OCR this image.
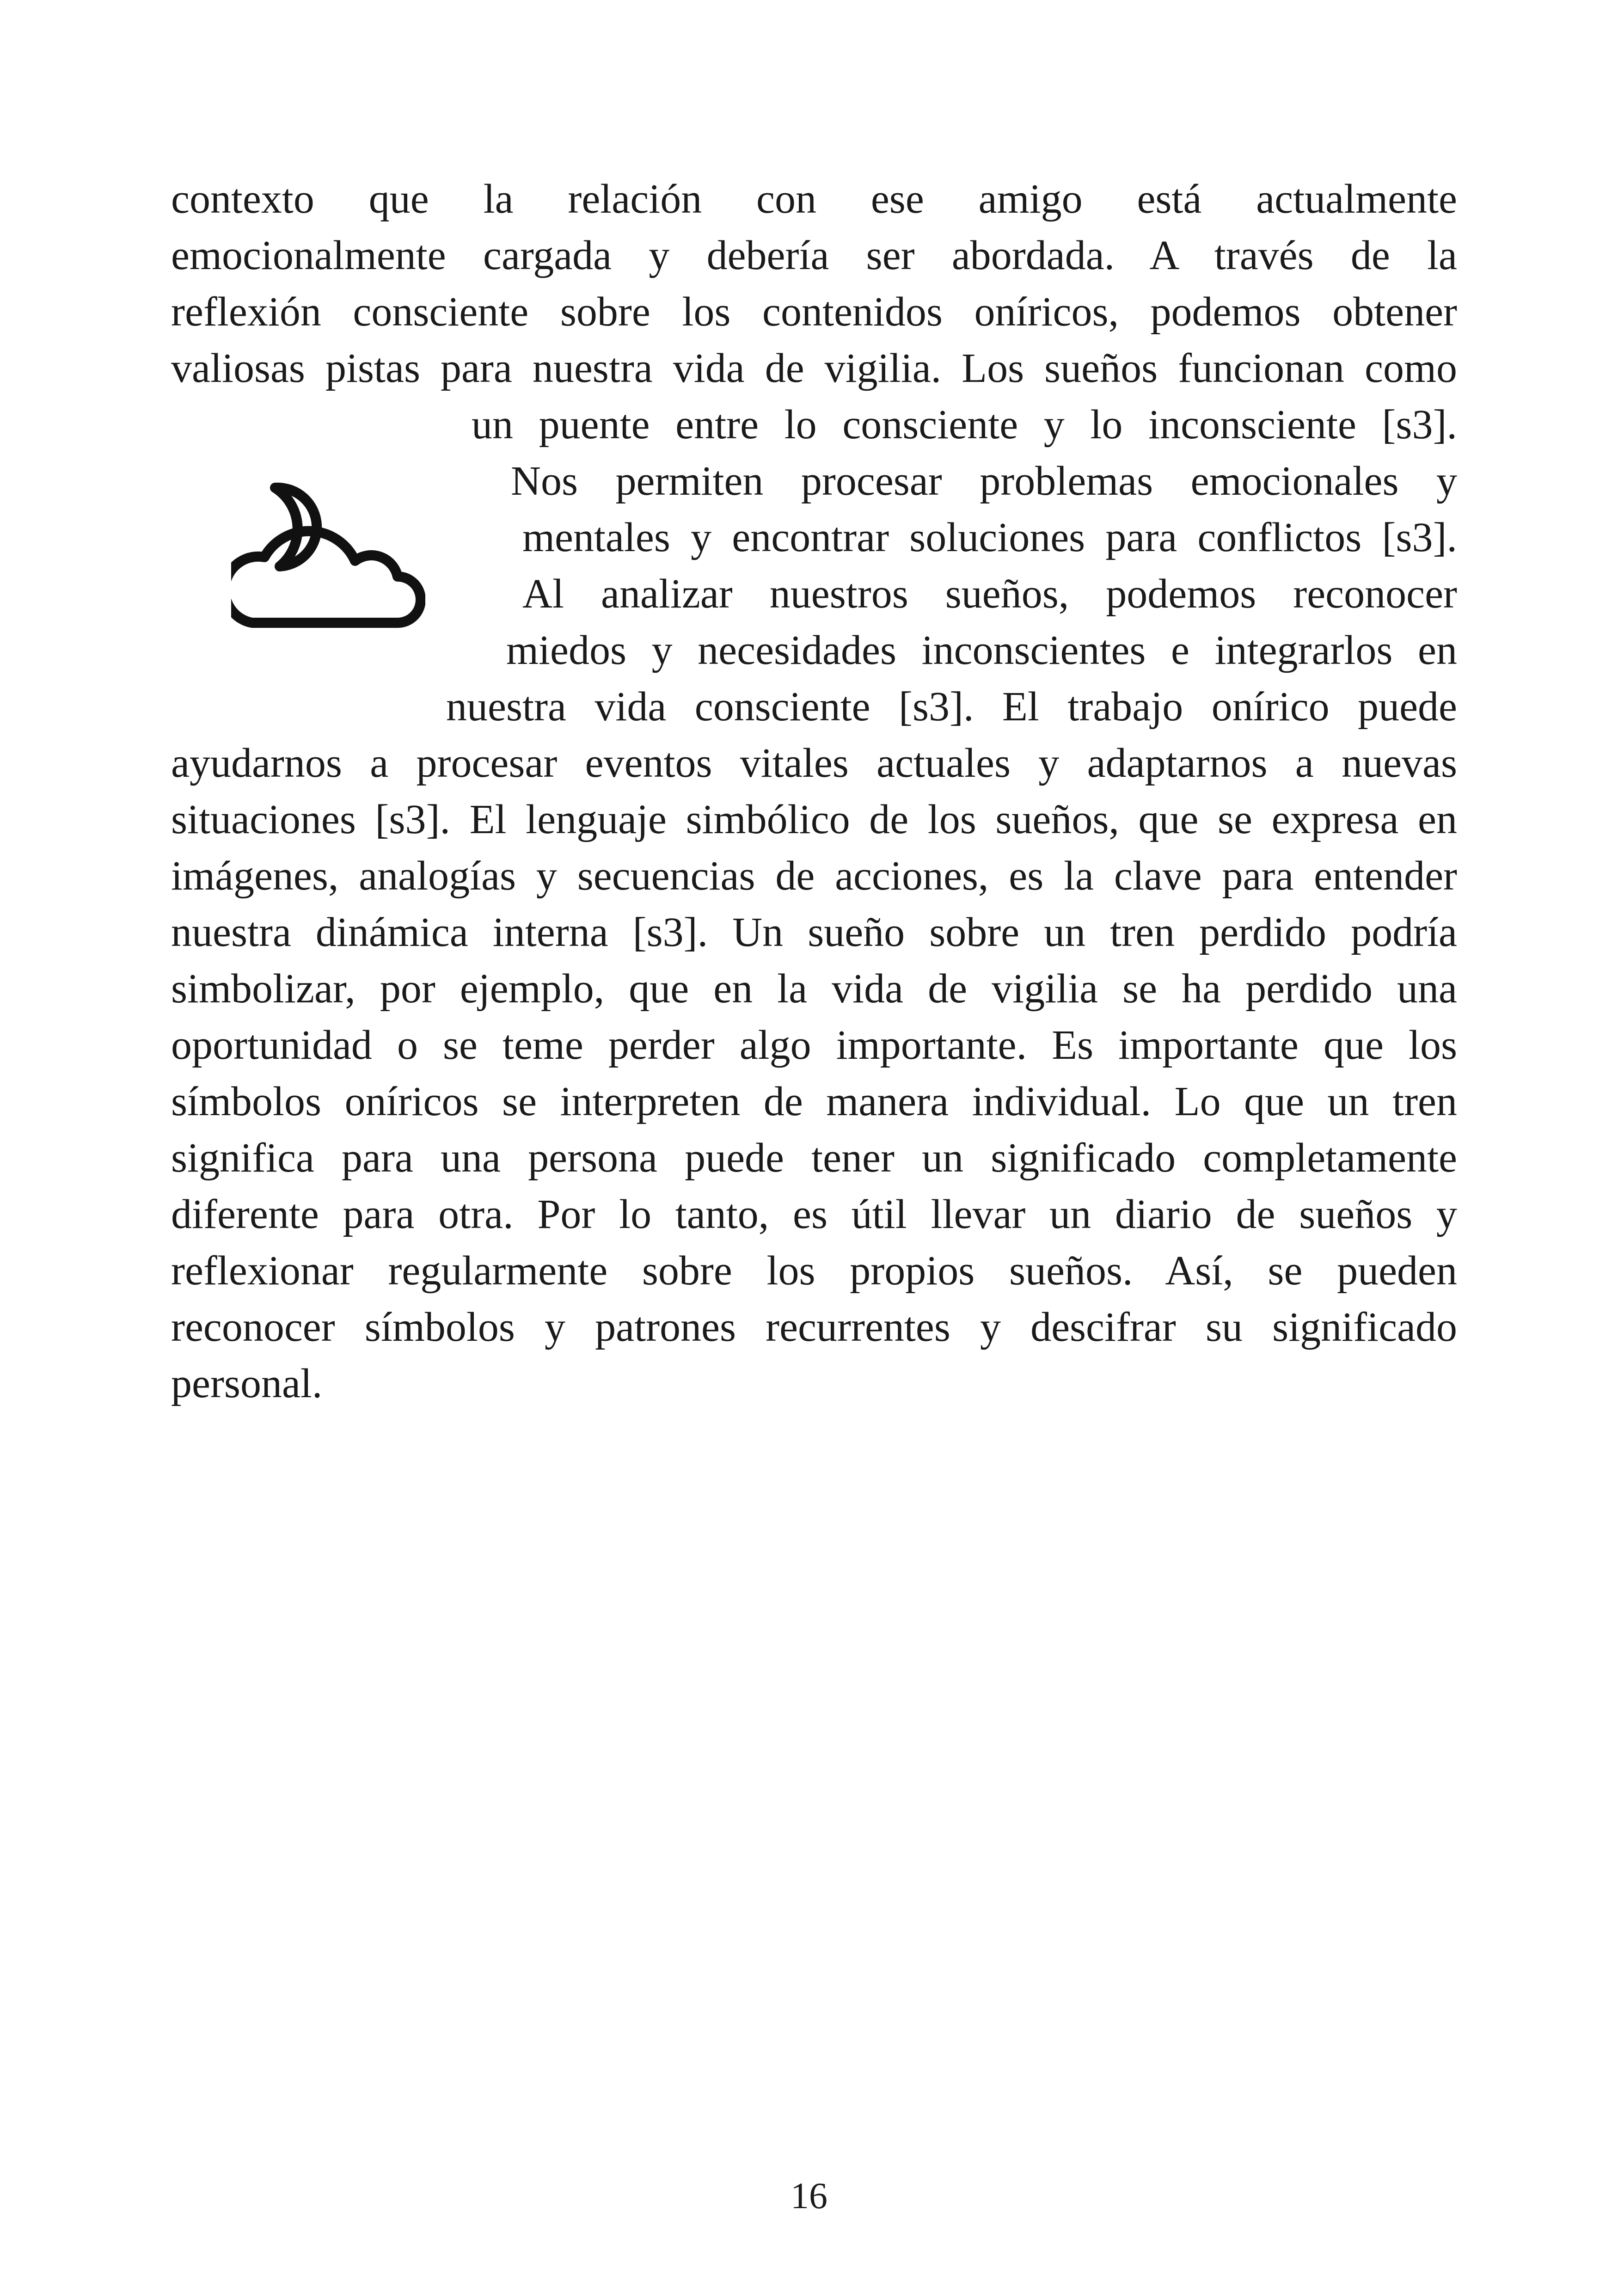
contexto que la relación con ese amigo está actualmente
emocionalmente cargada y debería ser abordada. A través de la
reflexión consciente sobre los contenidos oníricos, podemos obtener
valiosas pistas para nuestra vida de vigilia. Los sueños funcionan como
un puente entre lo consciente y lo inconsciente [s3].
Nos permiten procesar problemas emocionales y
mentales y encontrar soluciones para conflictos [s3].
Al analizar nuestros sueños, podemos reconocer
miedos y necesidades inconscientes e integrarlos en
nuestra vida consciente [s3]. El trabajo onírico puede
ayudarnos a procesar eventos vitales actuales y adaptarnos a nuevas
situaciones [s3]. El lenguaje simbólico de los sueños, que se expresa en
imágenes, analogías y secuencias de acciones, es la clave para entender
nuestra dinámica interna [s3]. Un sueño sobre un tren perdido podría
simbolizar, por ejemplo, que en la vida de vigilia se ha perdido una
oportunidad o se teme perder algo importante. Es importante que los
símbolos oníricos se interpreten de manera individual. Lo que un tren
significa para una persona puede tener un significado completamente
diferente para otra. Por lo tanto, es útil llevar un diario de sueños y
reflexionar regularmente sobre los propios sueños. Así, se pueden
reconocer símbolos y patrones recurrentes y descifrar su significado
personal.
16
